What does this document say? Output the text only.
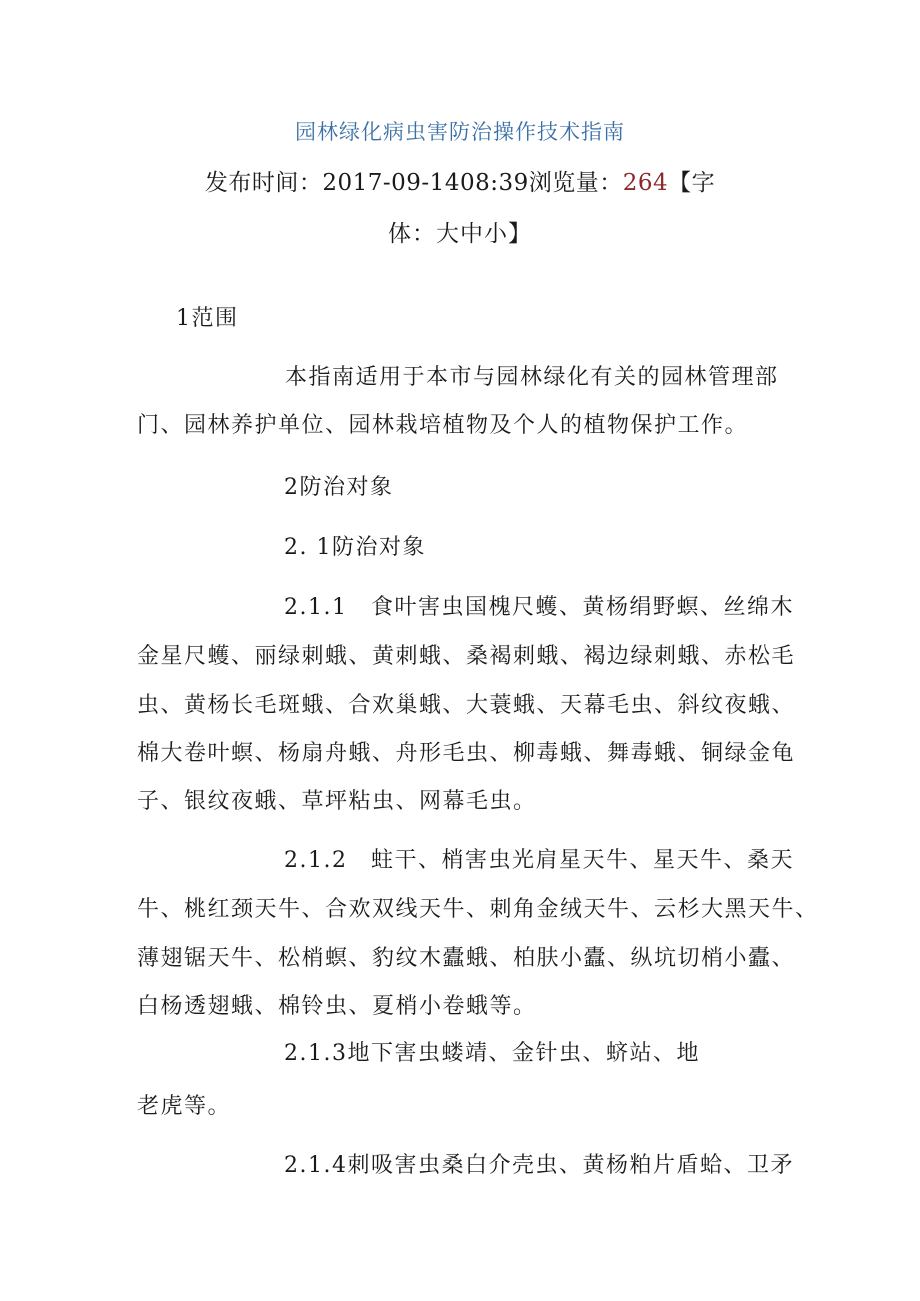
园林绿化病虫害防治操作技术指南
发布时间：2017-09-1408:39浏览量：264【字
体：大中小】
1范围
本指南适用于本市与园林绿化有关的园林管理部
门、园林养护单位、园林栽培植物及个人的植物保护工作。
2防治对象
2. 1防治对象
2.1.1　食叶害虫国槐尺蠖、黄杨绢野螟、丝绵木
金星尺蠖、丽绿刺蛾、黄刺蛾、桑褐刺蛾、褐边绿刺蛾、赤松毛
虫、黄杨长毛斑蛾、合欢巢蛾、大蓑蛾、天幕毛虫、斜纹夜蛾、
棉大卷叶螟、杨扇舟蛾、舟形毛虫、柳毒蛾、舞毒蛾、铜绿金龟
子、银纹夜蛾、草坪粘虫、网幕毛虫。
2.1.2　蛀干、梢害虫光肩星天牛、星天牛、桑天
牛、桃红颈天牛、合欢双线天牛、刺角金绒天牛、云杉大黑天牛、
薄翅锯天牛、松梢螟、豹纹木蠹蛾、柏肤小蠹、纵坑切梢小蠹、
白杨透翅蛾、棉铃虫、夏梢小卷蛾等。
2.1.3地下害虫蝼靖、金针虫、蛴站、地
老虎等。
2.1.4刺吸害虫桑白介壳虫、黄杨粕片盾蛤、卫矛
